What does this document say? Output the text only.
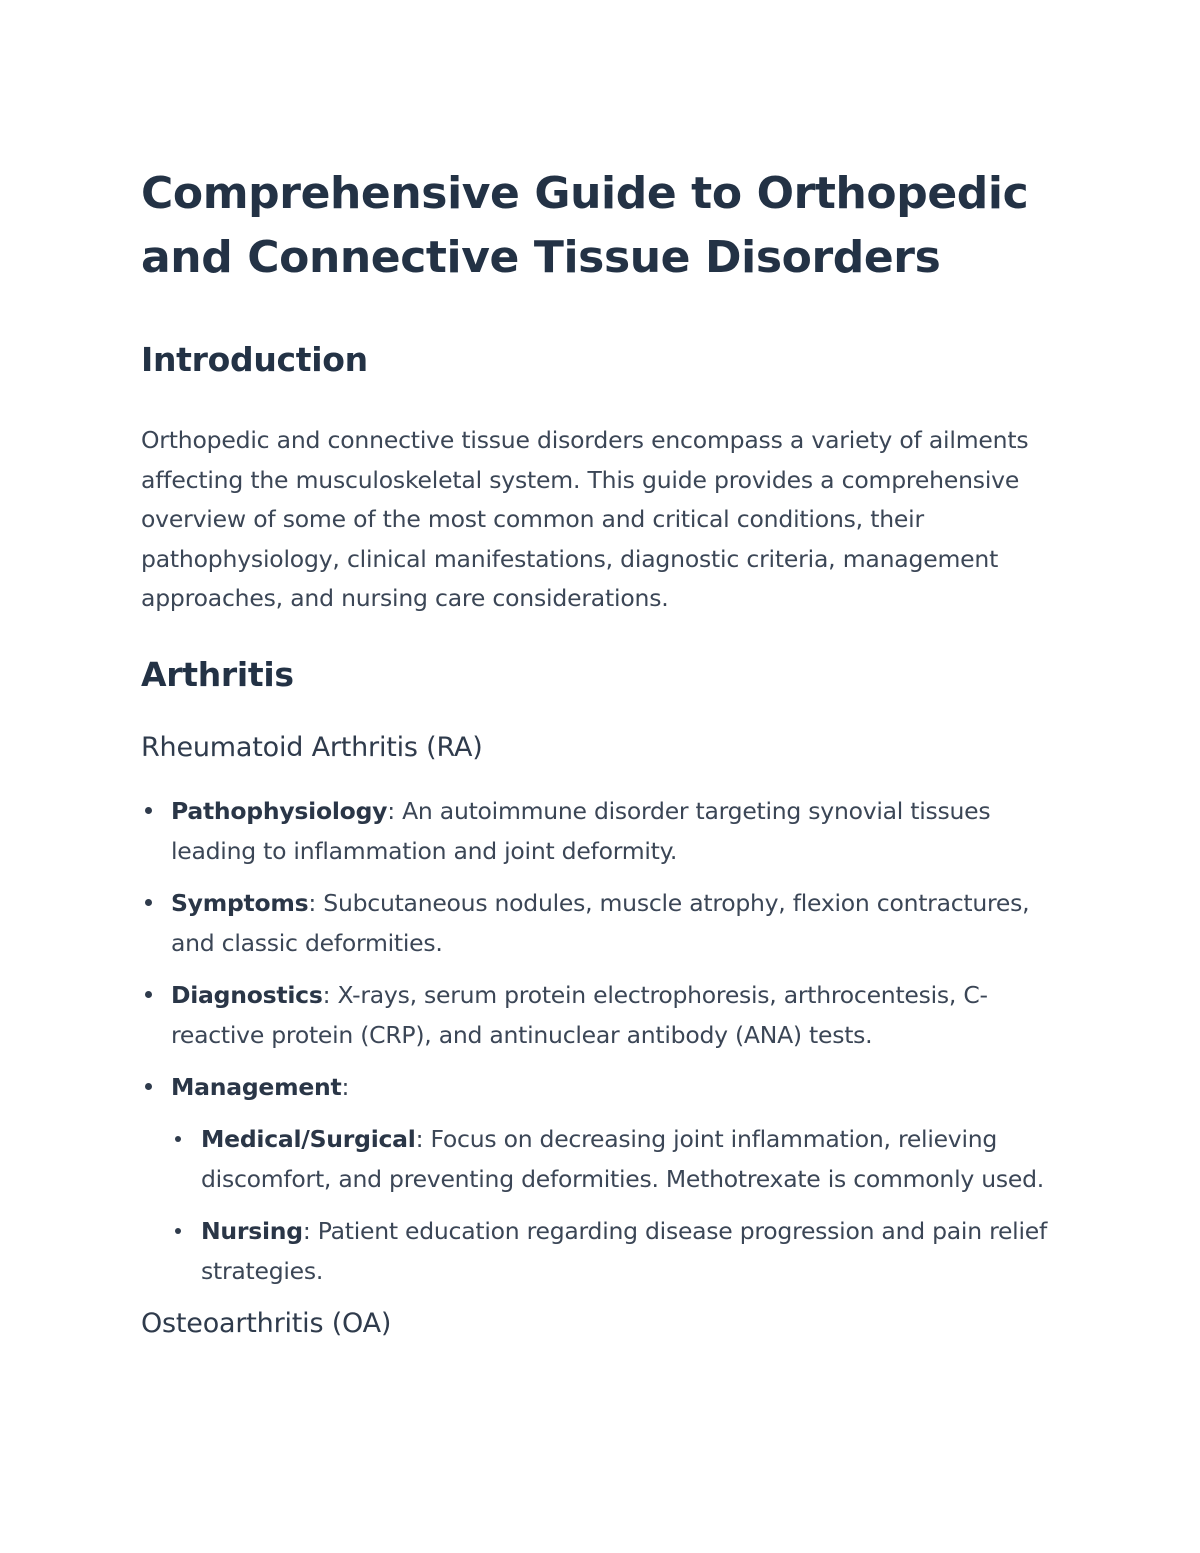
Comprehensive Guide to Orthopedic and Connective Tissue Disorders
Introduction

Orthopedic and connective tissue disorders encompass a variety of ailments affecting the musculoskeletal system. This guide provides a comprehensive overview of some of the most common and critical conditions, their pathophysiology, clinical manifestations, diagnostic criteria, management approaches, and nursing care considerations.

Arthritis
Rheumatoid Arthritis (RA)
Pathophysiology: An autoimmune disorder targeting synovial tissues leading to inflammation and joint deformity.
Symptoms: Subcutaneous nodules, muscle atrophy, flexion contractures, and classic deformities.
Diagnostics: X-rays, serum protein electrophoresis, arthrocentesis, C-reactive protein (CRP), and antinuclear antibody (ANA) tests.
Management:
Medical/Surgical: Focus on decreasing joint inflammation, relieving discomfort, and preventing deformities. Methotrexate is commonly used.
Nursing: Patient education regarding disease progression and pain relief strategies.
Osteoarthritis (OA)
